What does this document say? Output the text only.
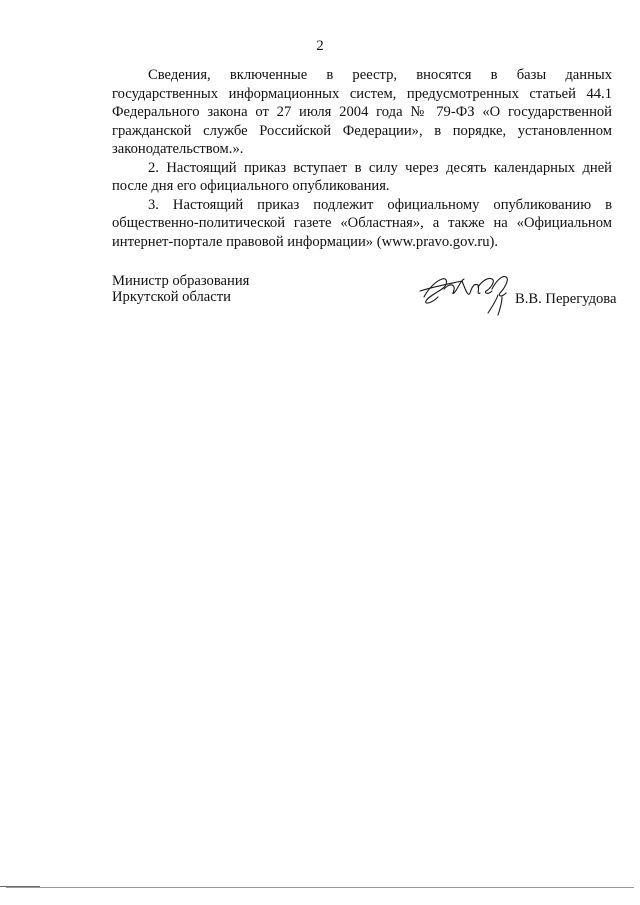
2

Сведения, включенные в реестр, вносятся в базы данных государственных информационных систем, предусмотренных статьей 44.1 Федерального закона от 27 июля 2004 года № 79-ФЗ «О государственной гражданской службе Российской Федерации», в порядке, установленном законодательством.».

2. Настоящий приказ вступает в силу через десять календарных дней после дня его официального опубликования.

3. Настоящий приказ подлежит официальному опубликованию в общественно-политической газете «Областная», а также на «Официальном интернет-портале правовой информации» (www.pravo.gov.ru).

Министр образования
Иркутской области	В.В. Перегудова
